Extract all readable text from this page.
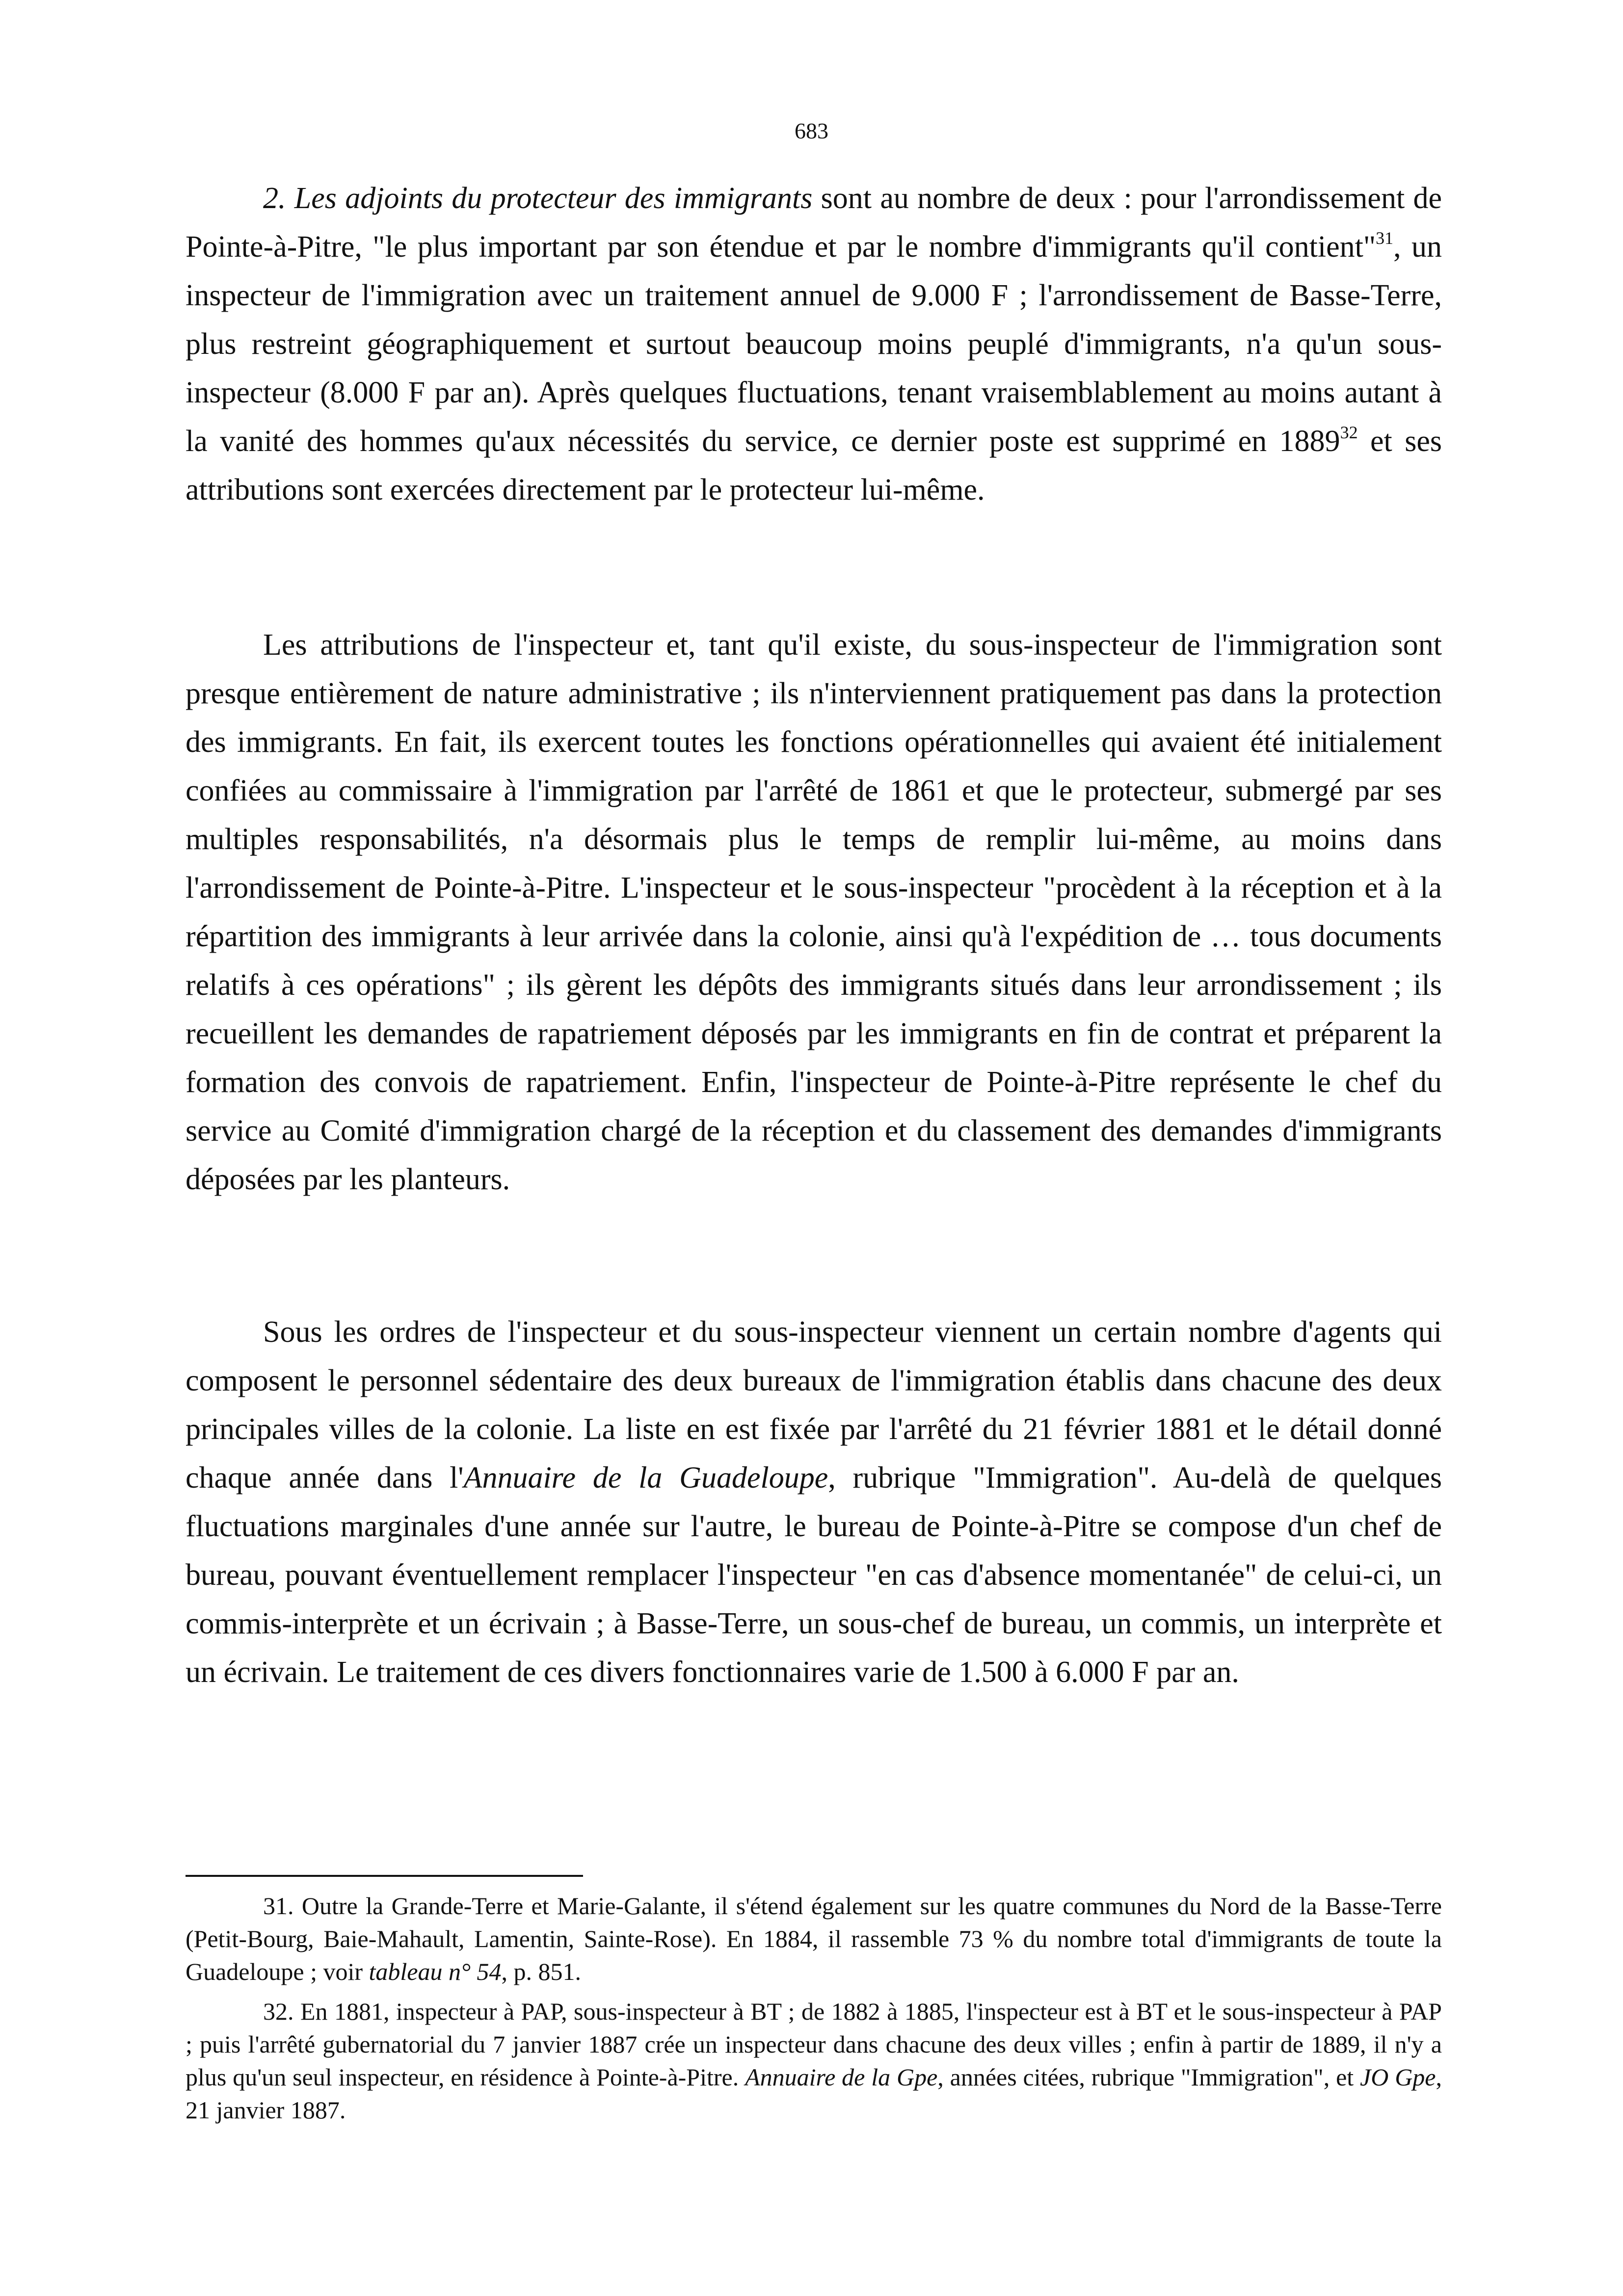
683

2. Les adjoints du protecteur des immigrants sont au nombre de deux : pour l'arrondissement de Pointe-à-Pitre, "le plus important par son étendue et par le nombre d'immigrants qu'il contient"$^{31}$, un inspecteur de l'immigration avec un traitement annuel de 9.000 F ; l'arrondissement de Basse-Terre, plus restreint géographiquement et surtout beaucoup moins peuplé d'immigrants, n'a qu'un sous-inspecteur (8.000 F par an). Après quelques fluctuations, tenant vraisemblablement au moins autant à la vanité des hommes qu'aux nécessités du service, ce dernier poste est supprimé en 1889$^{32}$ et ses attributions sont exercées directement par le protecteur lui-même.

Les attributions de l'inspecteur et, tant qu'il existe, du sous-inspecteur de l'immigration sont presque entièrement de nature administrative ; ils n'interviennent pratiquement pas dans la protection des immigrants. En fait, ils exercent toutes les fonctions opérationnelles qui avaient été initialement confiées au commissaire à l'immigration par l'arrêté de 1861 et que le protecteur, submergé par ses multiples responsabilités, n'a désormais plus le temps de remplir lui-même, au moins dans l'arrondissement de Pointe-à-Pitre. L'inspecteur et le sous-inspecteur "procèdent à la réception et à la répartition des immigrants à leur arrivée dans la colonie, ainsi qu'à l'expédition de … tous documents relatifs à ces opérations" ; ils gèrent les dépôts des immigrants situés dans leur arrondissement ; ils recueillent les demandes de rapatriement déposés par les immigrants en fin de contrat et préparent la formation des convois de rapatriement. Enfin, l'inspecteur de Pointe-à-Pitre représente le chef du service au Comité d'immigration chargé de la réception et du classement des demandes d'immigrants déposées par les planteurs.

Sous les ordres de l'inspecteur et du sous-inspecteur viennent un certain nombre d'agents qui composent le personnel sédentaire des deux bureaux de l'immigration établis dans chacune des deux principales villes de la colonie. La liste en est fixée par l'arrêté du 21 février 1881 et le détail donné chaque année dans l'Annuaire de la Guadeloupe, rubrique "Immigration". Au-delà de quelques fluctuations marginales d'une année sur l'autre, le bureau de Pointe-à-Pitre se compose d'un chef de bureau, pouvant éventuellement remplacer l'inspecteur "en cas d'absence momentanée" de celui-ci, un commis-interprète et un écrivain ; à Basse-Terre, un sous-chef de bureau, un commis, un interprète et un écrivain. Le traitement de ces divers fonctionnaires varie de 1.500 à 6.000 F par an.

31. Outre la Grande-Terre et Marie-Galante, il s'étend également sur les quatre communes du Nord de la Basse-Terre (Petit-Bourg, Baie-Mahault, Lamentin, Sainte-Rose). En 1884, il rassemble 73 % du nombre total d'immigrants de toute la Guadeloupe ; voir tableau n° 54, p. 851.

32. En 1881, inspecteur à PAP, sous-inspecteur à BT ; de 1882 à 1885, l'inspecteur est à BT et le sous-inspecteur à PAP ; puis l'arrêté gubernatorial du 7 janvier 1887 crée un inspecteur dans chacune des deux villes ; enfin à partir de 1889, il n'y a plus qu'un seul inspecteur, en résidence à Pointe-à-Pitre. Annuaire de la Gpe, années citées, rubrique "Immigration", et JO Gpe, 21 janvier 1887.
